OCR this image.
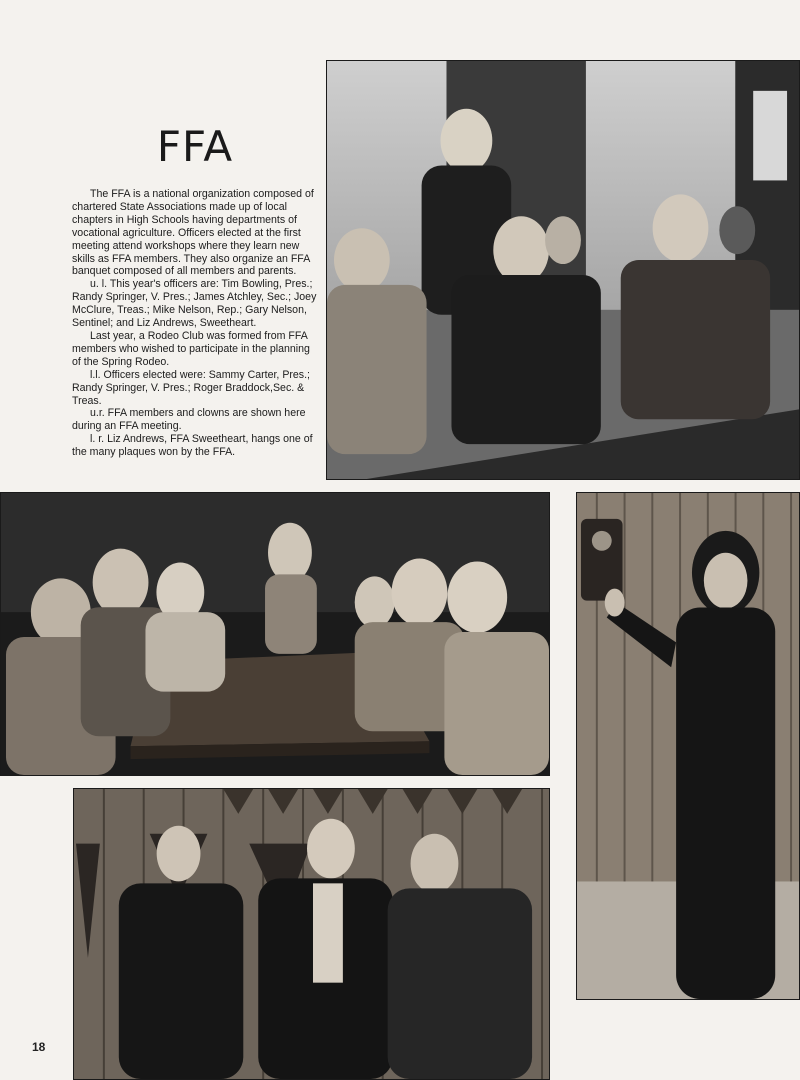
FFA

The FFA is a national organization composed of chartered State Associations made up of local chapters in High Schools having departments of vocational agriculture. Officers elected at the first meeting attend workshops where they learn new skills as FFA members. They also organize an FFA banquet composed of all members and parents.

u. l. This year's officers are: Tim Bowling, Pres.; Randy Springer, V. Pres.; James Atchley, Sec.; Joey McClure, Treas.; Mike Nelson, Rep.; Gary Nelson, Sentinel; and Liz Andrews, Sweetheart.

Last year, a Rodeo Club was formed from FFA members who wished to participate in the planning of the Spring Rodeo.

l.l. Officers elected were: Sammy Carter, Pres.; Randy Springer, V. Pres.; Roger Braddock,Sec. & Treas.

u.r. FFA members and clowns are shown here during an FFA meeting.

l. r. Liz Andrews, FFA Sweetheart, hangs one of the many plaques won by the FFA.

18
